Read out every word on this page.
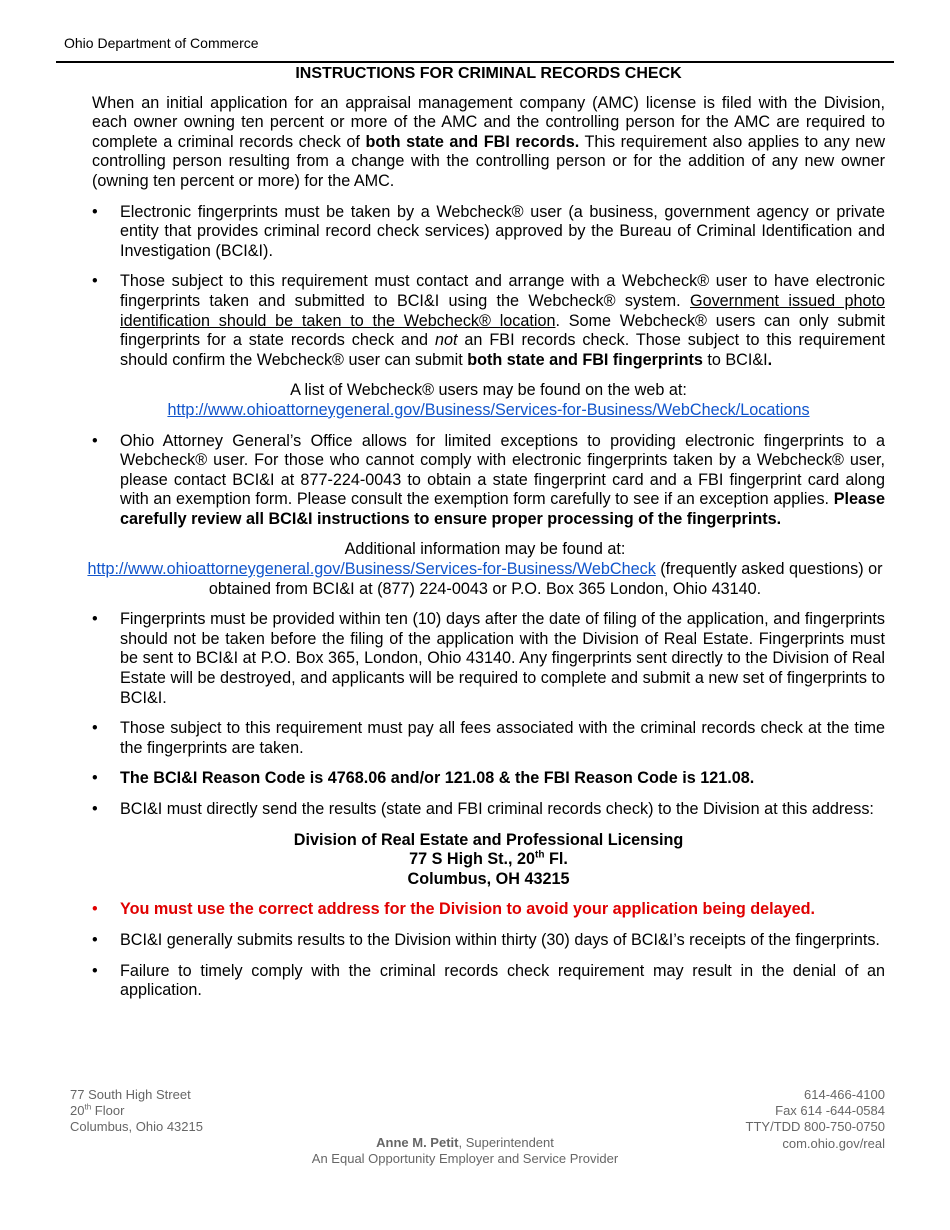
Ohio Department of Commerce
INSTRUCTIONS FOR CRIMINAL RECORDS CHECK

When an initial application for an appraisal management company (AMC) license is filed with the Division, each owner owning ten percent or more of the AMC and the controlling person for the AMC are required to complete a criminal records check of both state and FBI records. This requirement also applies to any new controlling person resulting from a change with the controlling person or for the addition of any new owner (owning ten percent or more) for the AMC.

• Electronic fingerprints must be taken by a Webcheck® user (a business, government agency or private entity that provides criminal record check services) approved by the Bureau of Criminal Identification and Investigation (BCI&I).
• Those subject to this requirement must contact and arrange with a Webcheck® user to have electronic fingerprints taken and submitted to BCI&I using the Webcheck® system. Government issued photo identification should be taken to the Webcheck® location. Some Webcheck® users can only submit fingerprints for a state records check and not an FBI records check. Those subject to this requirement should confirm the Webcheck® user can submit both state and FBI fingerprints to BCI&I.
A list of Webcheck® users may be found on the web at:
http://www.ohioattorneygeneral.gov/Business/Services-for-Business/WebCheck/Locations
• Ohio Attorney General’s Office allows for limited exceptions to providing electronic fingerprints to a Webcheck® user. For those who cannot comply with electronic fingerprints taken by a Webcheck® user, please contact BCI&I at 877-224-0043 to obtain a state fingerprint card and a FBI fingerprint card along with an exemption form. Please consult the exemption form carefully to see if an exception applies. Please carefully review all BCI&I instructions to ensure proper processing of the fingerprints.
Additional information may be found at:
http://www.ohioattorneygeneral.gov/Business/Services-for-Business/WebCheck (frequently asked questions) or
obtained from BCI&I at (877) 224-0043 or P.O. Box 365 London, Ohio 43140.
• Fingerprints must be provided within ten (10) days after the date of filing of the application, and fingerprints should not be taken before the filing of the application with the Division of Real Estate. Fingerprints must be sent to BCI&I at P.O. Box 365, London, Ohio 43140. Any fingerprints sent directly to the Division of Real Estate will be destroyed, and applicants will be required to complete and submit a new set of fingerprints to BCI&I.
• Those subject to this requirement must pay all fees associated with the criminal records check at the time the fingerprints are taken.
• The BCI&I Reason Code is 4768.06 and/or 121.08 & the FBI Reason Code is 121.08.
• BCI&I must directly send the results (state and FBI criminal records check) to the Division at this address:
Division of Real Estate and Professional Licensing
77 S High St., 20th Fl.
Columbus, OH 43215
• You must use the correct address for the Division to avoid your application being delayed.
• BCI&I generally submits results to the Division within thirty (30) days of BCI&I’s receipts of the fingerprints.
• Failure to timely comply with the criminal records check requirement may result in the denial of an application.
77 South High Street
20th Floor
Columbus, Ohio 43215
614-466-4100
Fax 614 -644-0584
TTY/TDD 800-750-0750
com.ohio.gov/real
Anne M. Petit, Superintendent
An Equal Opportunity Employer and Service Provider
